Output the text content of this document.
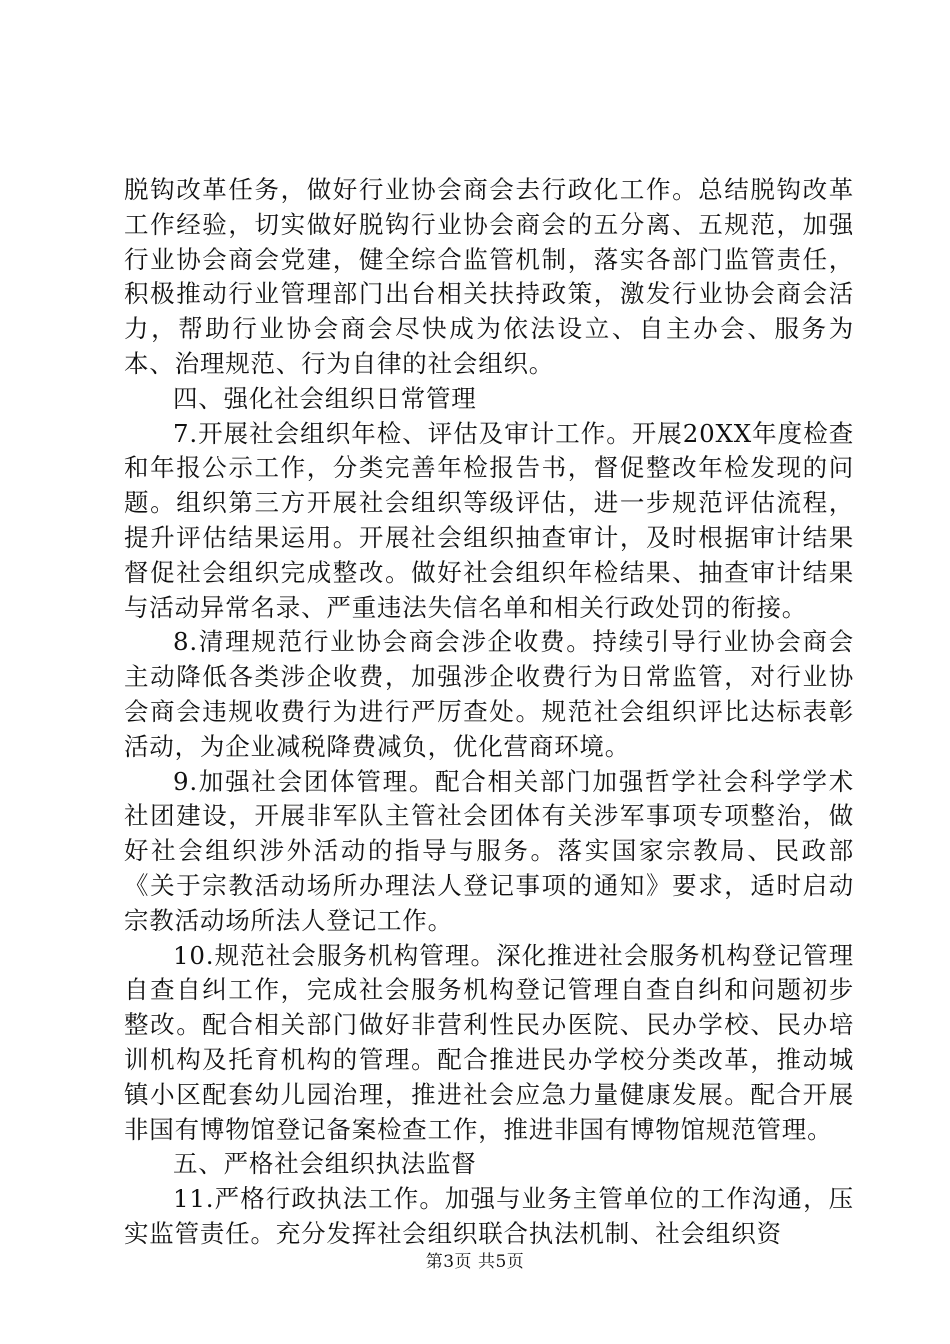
脱钩改革任务，做好行业协会商会去行政化工作。总结脱钩改革工作经验，切实做好脱钩行业协会商会的五分离、五规范，加强行业协会商会党建，健全综合监管机制，落实各部门监管责任，积极推动行业管理部门出台相关扶持政策，激发行业协会商会活力，帮助行业协会商会尽快成为依法设立、自主办会、服务为本、治理规范、行为自律的社会组织。

四、强化社会组织日常管理

7.开展社会组织年检、评估及审计工作。开展20XX年度检查和年报公示工作，分类完善年检报告书，督促整改年检发现的问题。组织第三方开展社会组织等级评估，进一步规范评估流程，提升评估结果运用。开展社会组织抽查审计，及时根据审计结果督促社会组织完成整改。做好社会组织年检结果、抽查审计结果与活动异常名录、严重违法失信名单和相关行政处罚的衔接。

8.清理规范行业协会商会涉企收费。持续引导行业协会商会主动降低各类涉企收费，加强涉企收费行为日常监管，对行业协会商会违规收费行为进行严厉查处。规范社会组织评比达标表彰活动，为企业减税降费减负，优化营商环境。

9.加强社会团体管理。配合相关部门加强哲学社会科学学术社团建设，开展非军队主管社会团体有关涉军事项专项整治，做好社会组织涉外活动的指导与服务。落实国家宗教局、民政部《关于宗教活动场所办理法人登记事项的通知》要求，适时启动宗教活动场所法人登记工作。

10.规范社会服务机构管理。深化推进社会服务机构登记管理自查自纠工作，完成社会服务机构登记管理自查自纠和问题初步整改。配合相关部门做好非营利性民办医院、民办学校、民办培训机构及托育机构的管理。配合推进民办学校分类改革，推动城镇小区配套幼儿园治理，推进社会应急力量健康发展。配合开展非国有博物馆登记备案检查工作，推进非国有博物馆规范管理。

五、严格社会组织执法监督

11.严格行政执法工作。加强与业务主管单位的工作沟通，压实监管责任。充分发挥社会组织联合执法机制、社会组织资

第3页 共5页
